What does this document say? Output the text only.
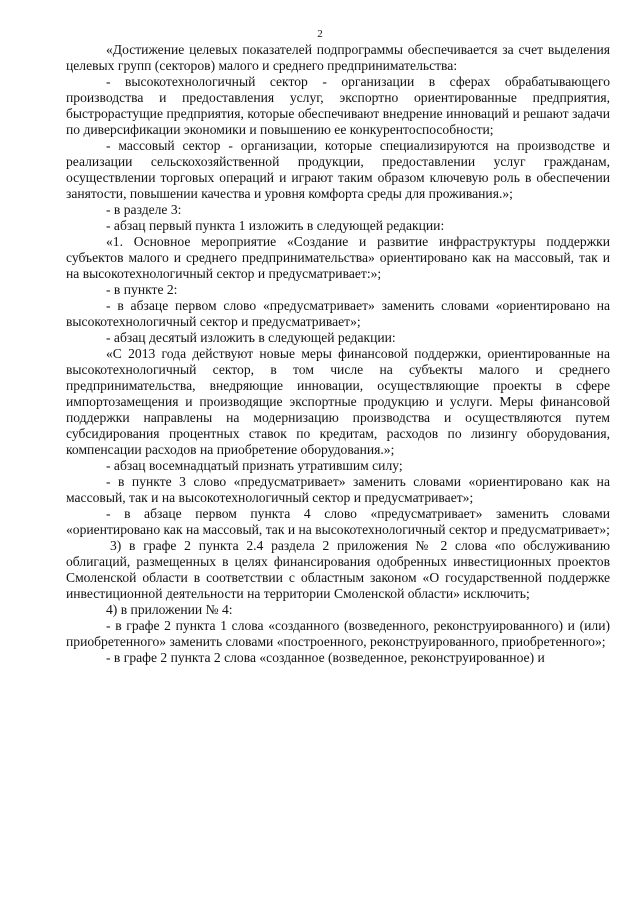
2

«Достижение целевых показателей подпрограммы обеспечивается за счет выделения целевых групп (секторов) малого и среднего предпринимательства:

- высокотехнологичный сектор - организации в сферах обрабатывающего производства и предоставления услуг, экспортно ориентированные предприятия, быстрорастущие предприятия, которые обеспечивают внедрение инноваций и решают задачи по диверсификации экономики и повышению ее конкурентоспособности;

- массовый сектор - организации, которые специализируются на производстве и реализации сельскохозяйственной продукции, предоставлении услуг гражданам, осуществлении торговых операций и играют таким образом ключевую роль в обеспечении занятости, повышении качества и уровня комфорта среды для проживания.»;

- в разделе 3:

- абзац первый пункта 1 изложить в следующей редакции:

«1. Основное мероприятие «Создание и развитие инфраструктуры поддержки субъектов малого и среднего предпринимательства» ориентировано как на массовый, так и на высокотехнологичный сектор и предусматривает:»;

- в пункте 2:

- в абзаце первом слово «предусматривает» заменить словами «ориентировано на высокотехнологичный сектор и предусматривает»;

- абзац десятый изложить в следующей редакции:

«С 2013 года действуют новые меры финансовой поддержки, ориентированные на высокотехнологичный сектор, в том числе на субъекты малого и среднего предпринимательства, внедряющие инновации, осуществляющие проекты в сфере импортозамещения и производящие экспортные продукцию и услуги. Меры финансовой поддержки направлены на модернизацию производства и осуществляются путем субсидирования процентных ставок по кредитам, расходов по лизингу оборудования, компенсации расходов на приобретение оборудования.»;

- абзац восемнадцатый признать утратившим силу;

- в пункте 3 слово «предусматривает» заменить словами «ориентировано как на массовый, так и на высокотехнологичный сектор и предусматривает»;

- в абзаце первом пункта 4 слово «предусматривает» заменить словами «ориентировано как на массовый, так и на высокотехнологичный сектор и предусматривает»;

3) в графе 2 пункта 2.4 раздела 2 приложения № 2 слова «по обслуживанию облигаций, размещенных в целях финансирования одобренных инвестиционных проектов Смоленской области в соответствии с областным законом «О государственной поддержке инвестиционной деятельности на территории Смоленской области» исключить;

4) в приложении № 4:

- в графе 2 пункта 1 слова «созданного (возведенного, реконструированного) и (или) приобретенного» заменить словами «построенного, реконструированного, приобретенного»;

- в графе 2 пункта 2 слова «созданное (возведенное, реконструированное) и
